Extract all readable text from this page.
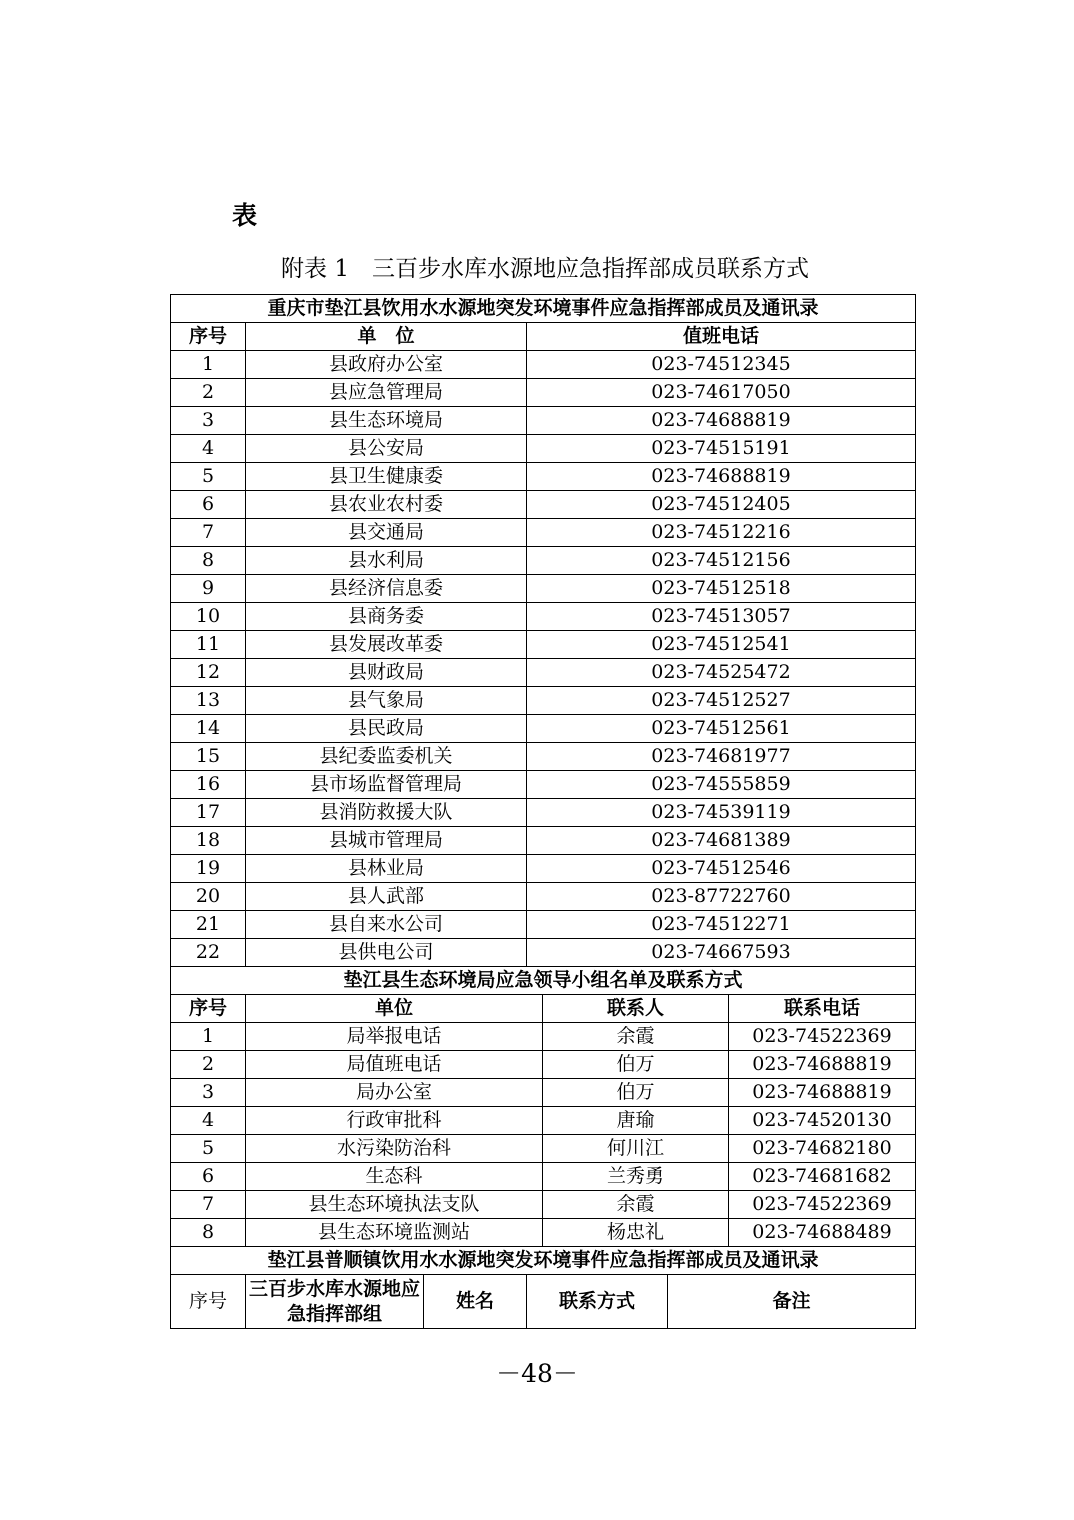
表
附表 1　三百步水库水源地应急指挥部成员联系方式
重庆市垫江县饮用水水源地突发环境事件应急指挥部成员及通讯录		
序号	单　位	值班电话
1	县政府办公室	023-74512345
2	县应急管理局	023-74617050
3	县生态环境局	023-74688819
4	县公安局	023-74515191
5	县卫生健康委	023-74688819
6	县农业农村委	023-74512405
7	县交通局	023-74512216
8	县水利局	023-74512156
9	县经济信息委	023-74512518
10	县商务委	023-74513057
11	县发展改革委	023-74512541
12	县财政局	023-74525472
13	县气象局	023-74512527
14	县民政局	023-74512561
15	县纪委监委机关	023-74681977
16	县市场监督管理局	023-74555859
17	县消防救援大队	023-74539119
18	县城市管理局	023-74681389
19	县林业局	023-74512546
20	县人武部	023-87722760
21	县自来水公司	023-74512271
22	县供电公司	023-74667593
垫江县生态环境局应急领导小组名单及联系方式			
序号	单位	联系人	联系电话
1	局举报电话	余霞	023-74522369
2	局值班电话	伯万	023-74688819
3	局办公室	伯万	023-74688819
4	行政审批科	唐瑜	023-74520130
5	水污染防治科	何川江	023-74682180
6	生态科	兰秀勇	023-74681682
7	县生态环境执法支队	余霞	023-74522369
8	县生态环境监测站	杨忠礼	023-74688489
垫江县普顺镇饮用水水源地突发环境事件应急指挥部成员及通讯录
序号	三百步水库水源地应急指挥部组	姓名	联系方式	备注
－48－
